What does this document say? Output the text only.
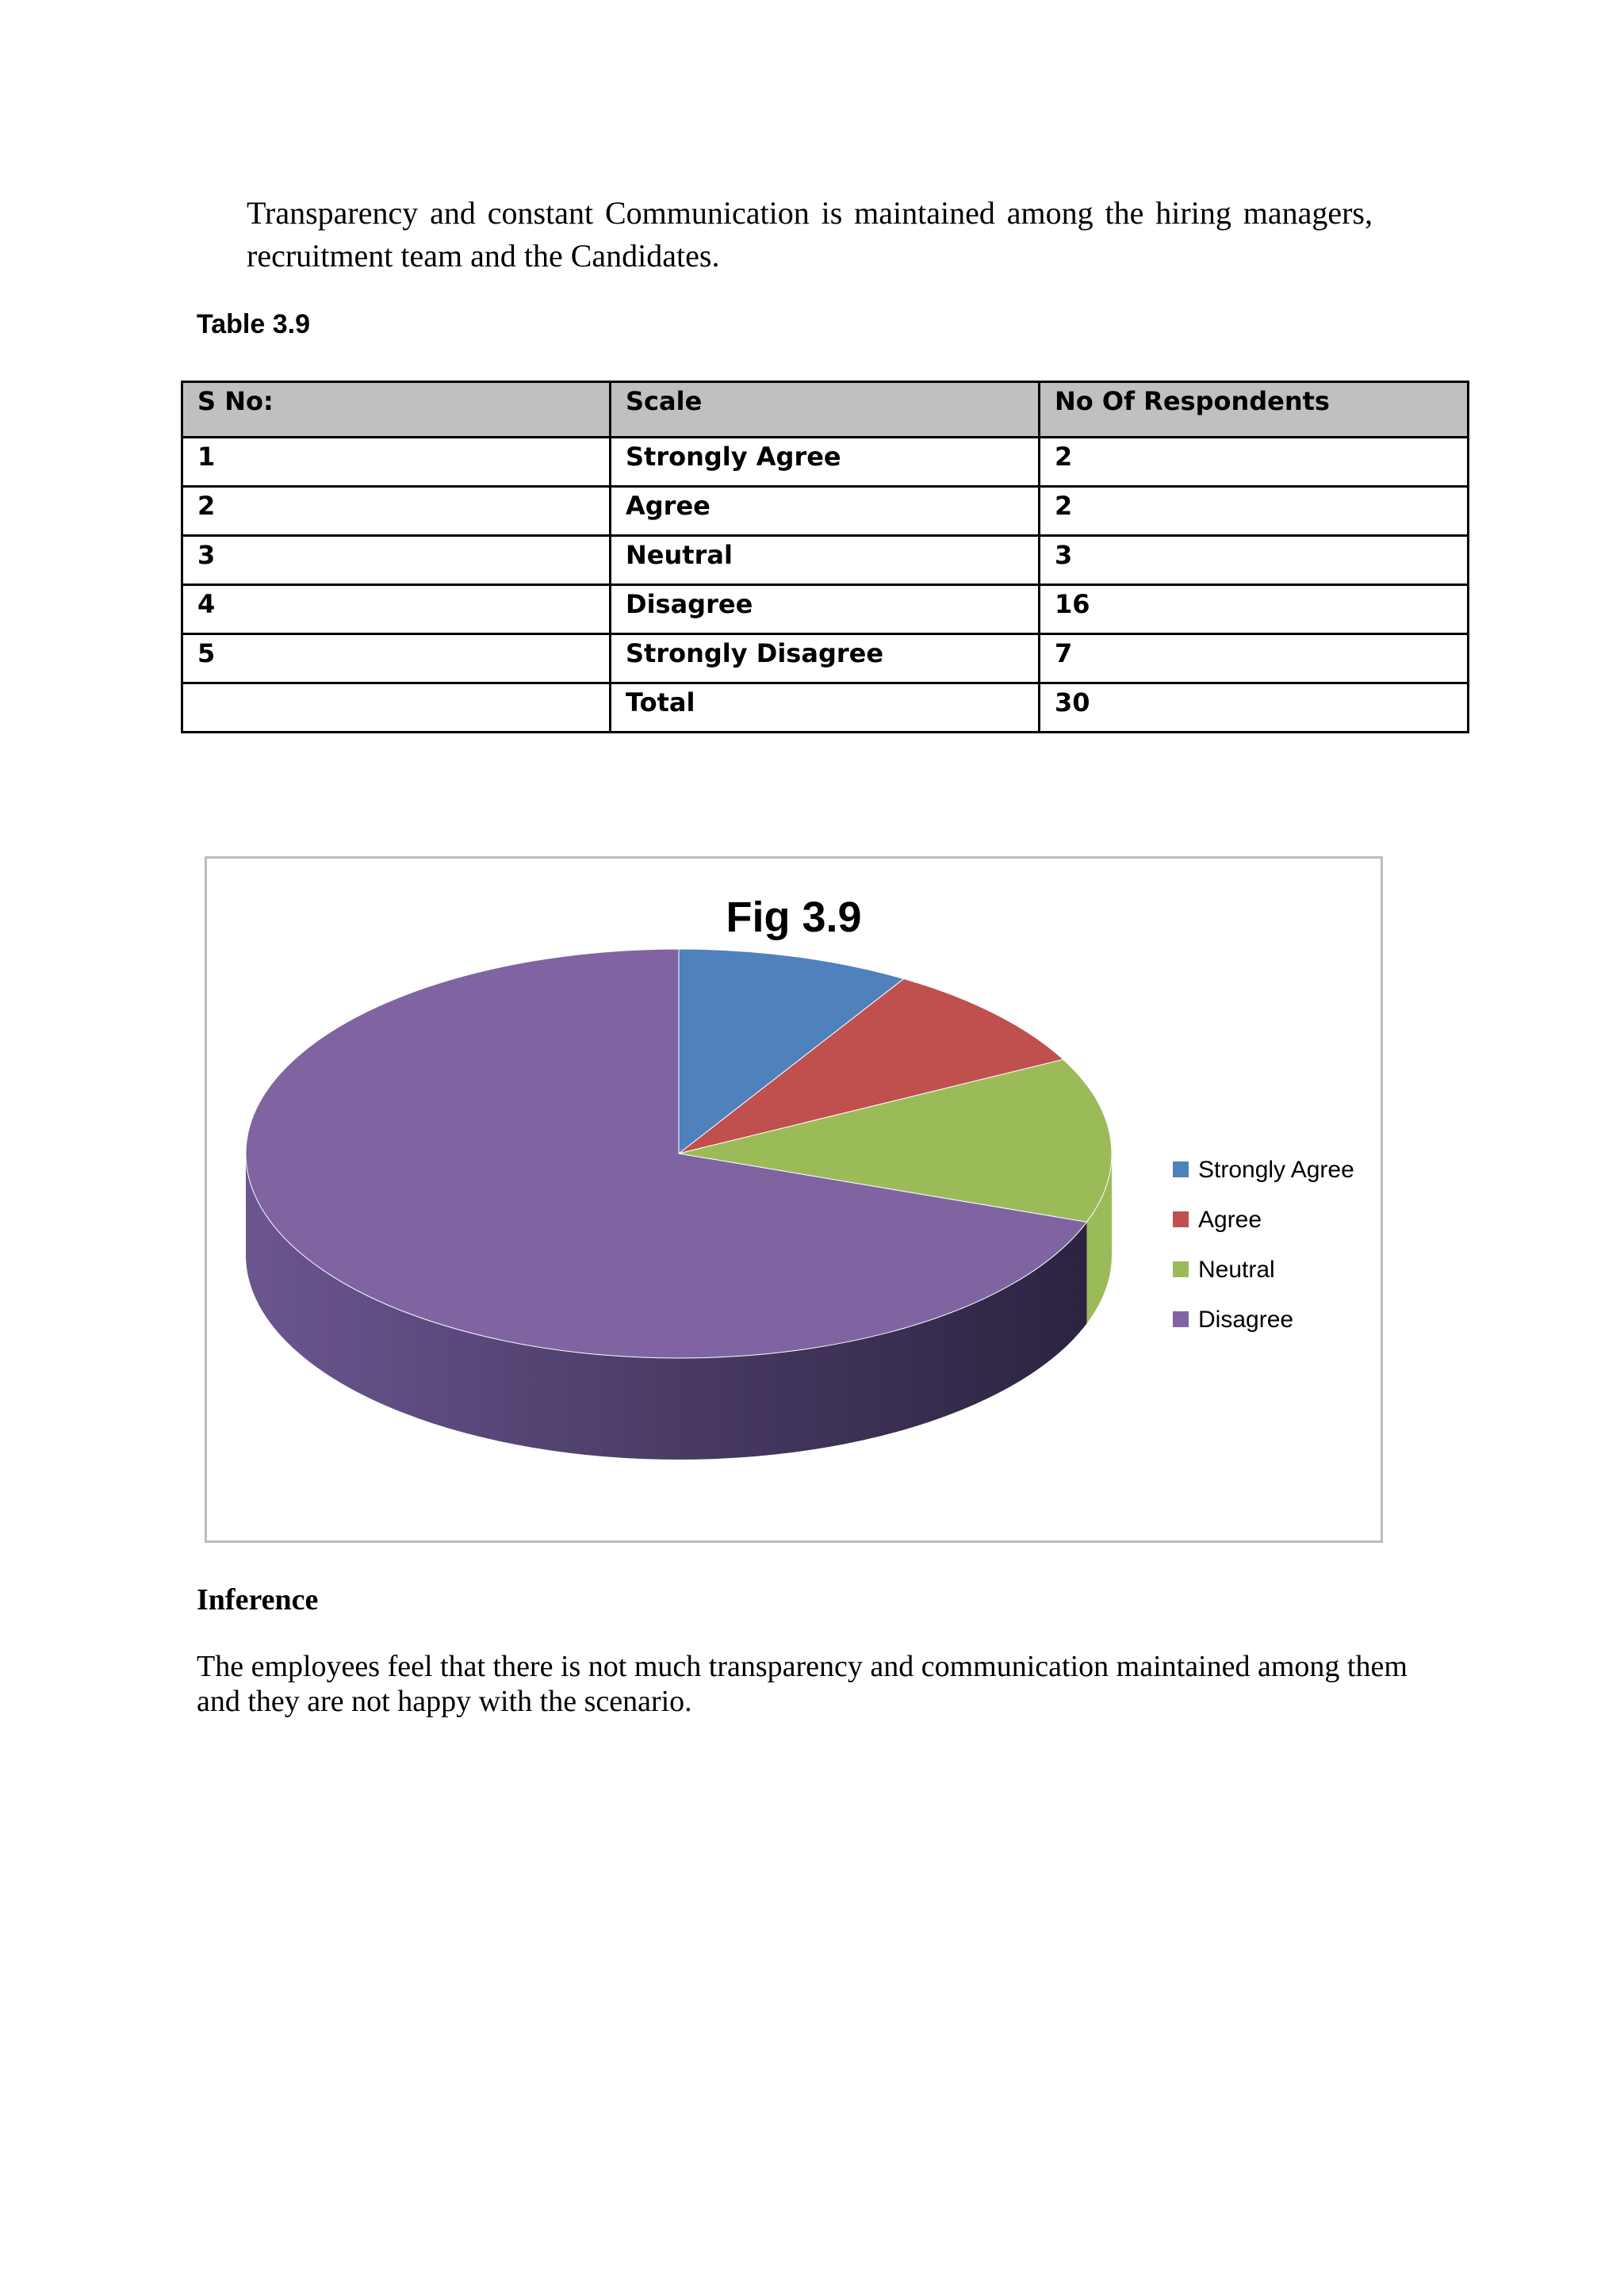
Transparency and constant Communication is maintained among the hiring managers, recruitment team and the Candidates.

Table 3.9

S No:	Scale	No Of Respondents
1	Strongly Agree	2
2	Agree	2
3	Neutral	3
4	Disagree	16
5	Strongly Disagree	7
	Total	30
Fig 3.9
Strongly Agree
Agree
Neutral
Disagree

Inference

The employees feel that there is not much transparency and communication maintained among them and they are not happy with the scenario.
